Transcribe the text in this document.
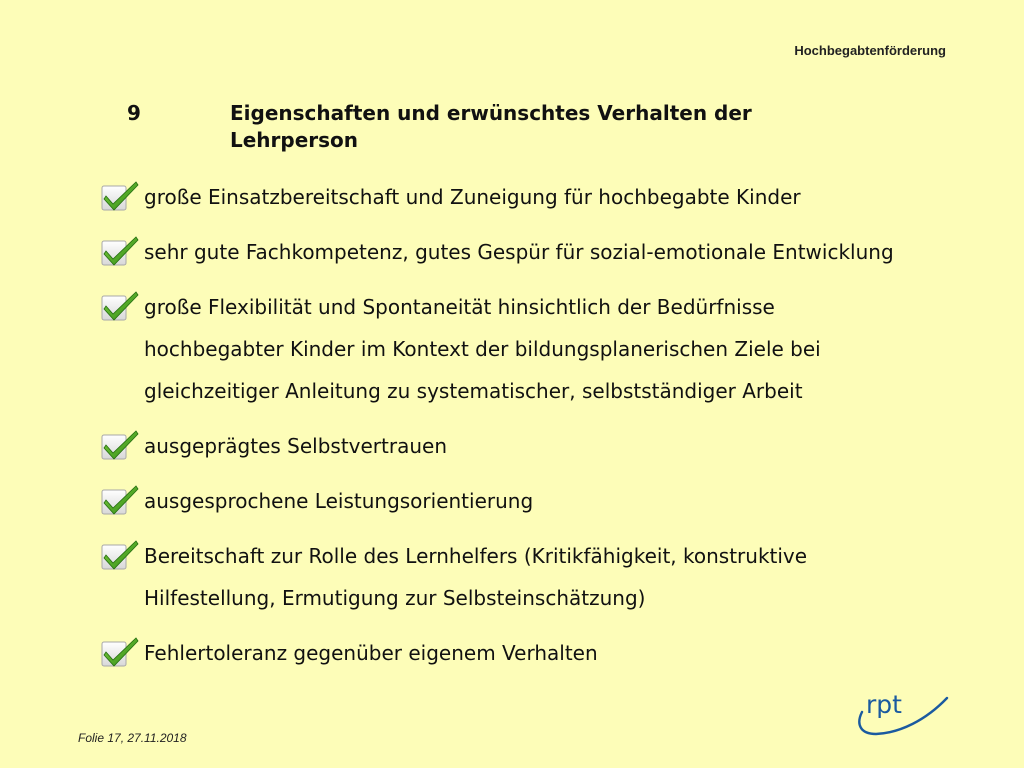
Hochbegabtenförderung
9	Eigenschaften und erwünschtes Verhalten der Lehrperson
große Einsatzbereitschaft und Zuneigung für hochbegabte Kinder
sehr gute Fachkompetenz, gutes Gespür für sozial-emotionale Entwicklung
große Flexibilität und Spontaneität hinsichtlich der Bedürfnisse hochbegabter Kinder im Kontext der bildungsplanerischen Ziele bei gleichzeitiger Anleitung zu systematischer, selbstständiger Arbeit
ausgeprägtes Selbstvertrauen
ausgesprochene Leistungsorientierung
Bereitschaft zur Rolle des Lernhelfers (Kritikfähigkeit, konstruktive Hilfestellung, Ermutigung zur Selbsteinschätzung)
Fehlertoleranz gegenüber eigenem Verhalten
Folie 17, 27.11.2018
rpt
